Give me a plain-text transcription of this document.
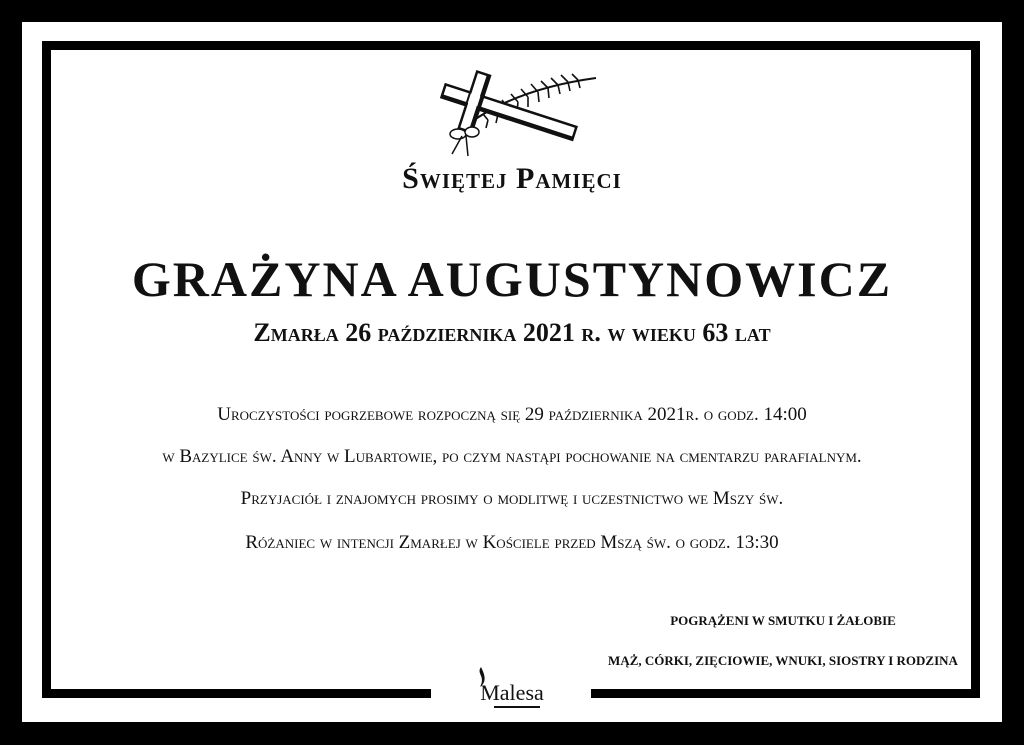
Świętej Pamięci
GRAŻYNA AUGUSTYNOWICZ
Zmarła 26 października 2021 r. w wieku 63 lat
Uroczystości pogrzebowe rozpoczną się 29 października 2021r. o godz. 14:00
w Bazylice św. Anny w Lubartowie, po czym nastąpi pochowanie na cmentarzu parafialnym.
Przyjaciół i znajomych prosimy o modlitwę i uczestnictwo we Mszy św.
Różaniec w intencji Zmarłej w Kościele przed Mszą św. o godz. 13:30
POGRĄŻENI W SMUTKU I ŻAŁOBIE
MĄŻ, CÓRKI, ZIĘCIOWIE, WNUKI, SIOSTRY I RODZINA
Malesa
